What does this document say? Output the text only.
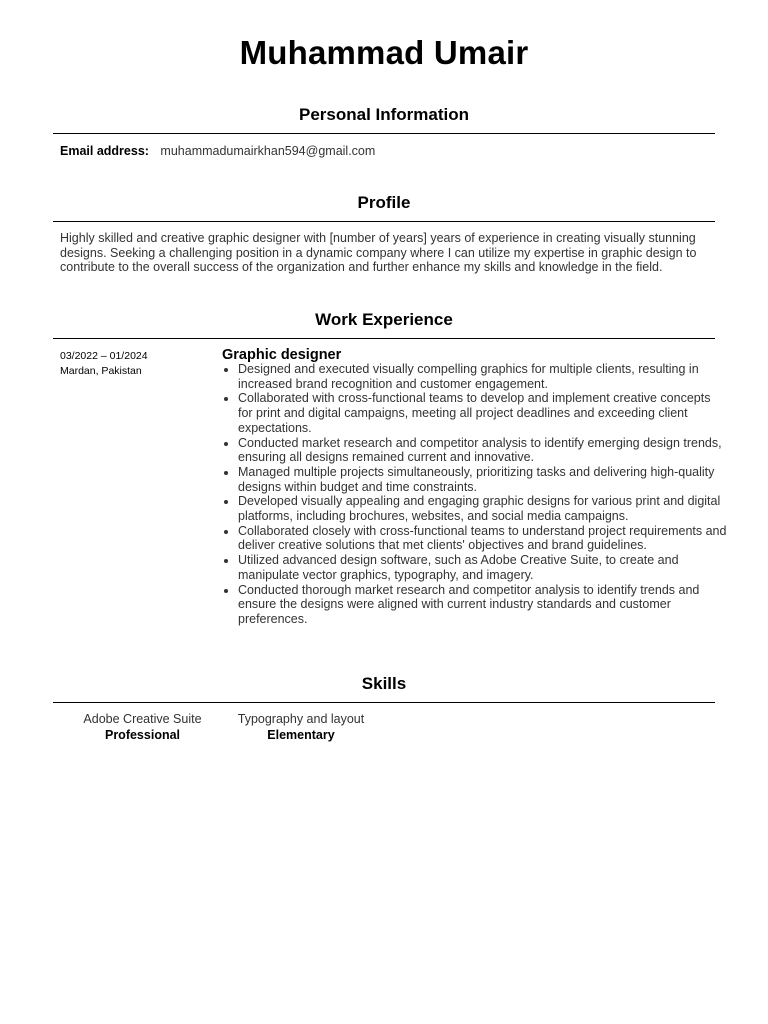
Muhammad Umair
Personal Information
Email address: muhammadumairkhan594@gmail.com
Profile
Highly skilled and creative graphic designer with [number of years] years of experience in creating visually stunning designs. Seeking a challenging position in a dynamic company where I can utilize my expertise in graphic design to contribute to the overall success of the organization and further enhance my skills and knowledge in the field.
Work Experience
03/2022 – 01/2024
Mardan, Pakistan
Graphic designer
• Designed and executed visually compelling graphics for multiple clients, resulting in increased brand recognition and customer engagement.
• Collaborated with cross-functional teams to develop and implement creative concepts for print and digital campaigns, meeting all project deadlines and exceeding client expectations.
• Conducted market research and competitor analysis to identify emerging design trends, ensuring all designs remained current and innovative.
• Managed multiple projects simultaneously, prioritizing tasks and delivering high-quality designs within budget and time constraints.
• Developed visually appealing and engaging graphic designs for various print and digital platforms, including brochures, websites, and social media campaigns.
• Collaborated closely with cross-functional teams to understand project requirements and deliver creative solutions that met clients' objectives and brand guidelines.
• Utilized advanced design software, such as Adobe Creative Suite, to create and manipulate vector graphics, typography, and imagery.
• Conducted thorough market research and competitor analysis to identify trends and ensure the designs were aligned with current industry standards and customer preferences.
Skills
Adobe Creative Suite
Professional
Typography and layout
Elementary
